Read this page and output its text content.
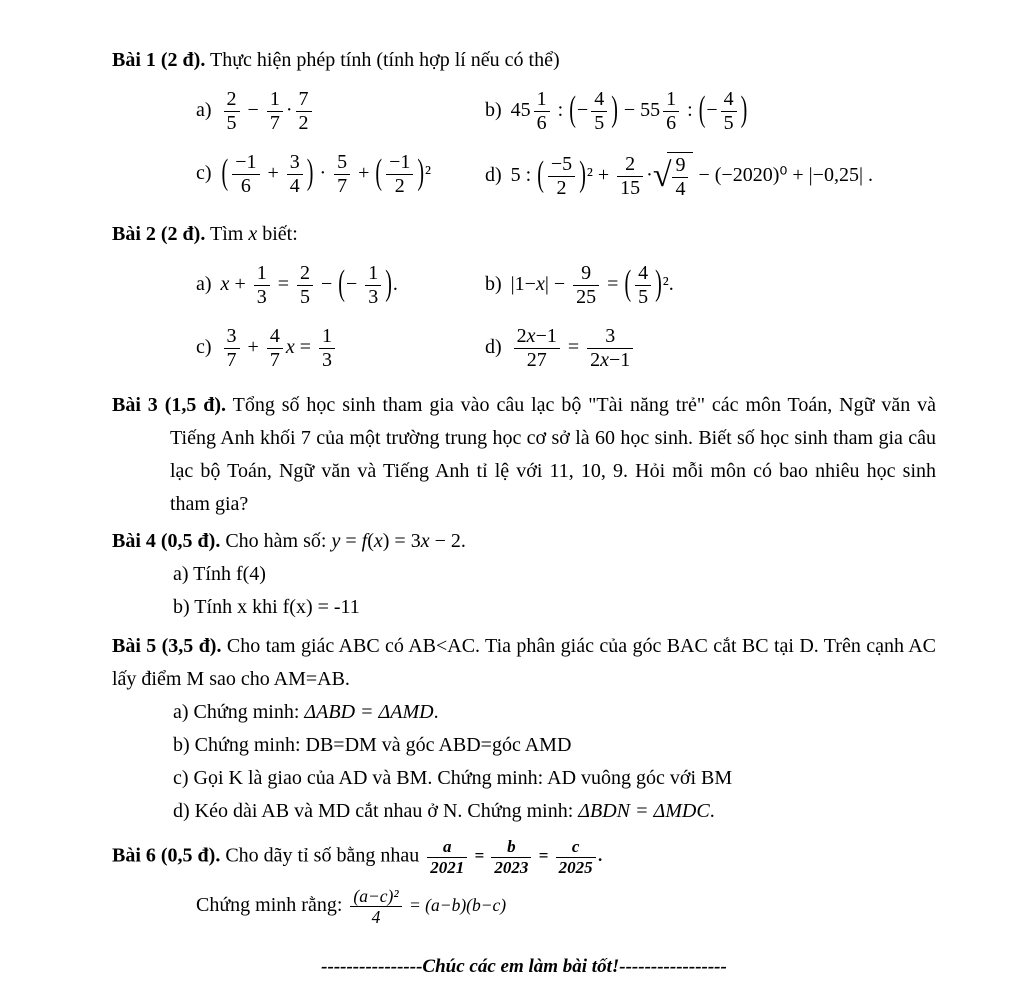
Bài 1 (2 đ). Thực hiện phép tính (tính hợp lí nếu có thể)

$a) \frac{2}{5} - \frac{1}{7} \cdot \frac{7}{2}$	b) $45 \frac{1}{6}$ : (− $\frac{4}{5}$ ) − $55 \frac{1}{6}$ : (− $\frac{4}{5}$ )
c) ( $\frac{-1}{6} + \frac{3}{4}$ ) · $\frac{5}{7}$ + ( $\frac{-1}{2} )^2$	d) 5 : ( $\frac{-5}{2} )^2 + \frac{2}{15}$ · √ $\frac{9}{4} - (-2020)^0 + |-0,25|$ .

Bài 2 (2 đ). Tìm x biết:

a) $x + \frac{1}{3} = \frac{2}{5}$ − (− $\frac{1}{3}$ ).	b) $|1-x| - \frac{9}{25}$ = ( $\frac{4}{5} )^2$.
$c) \frac{3}{7} + \frac{4}{7}$ $x = \frac{1}{3}$	$d) \frac{2x-1}{27} = \frac{3}{2x-1}$

Bài 3 (1,5 đ). Tổng số học sinh tham gia vào câu lạc bộ "Tài năng trẻ" các môn Toán, Ngữ văn và Tiếng Anh khối 7 của một trường trung học cơ sở là 60 học sinh. Biết số học sinh tham gia câu lạc bộ Toán, Ngữ văn và Tiếng Anh tỉ lệ với 11, 10, 9. Hỏi mỗi môn có bao nhiêu học sinh tham gia?

Bài 4 (0,5 đ). Cho hàm số: y = f(x) = 3x − 2.

a) Tính f(4)
b) Tính x khi f(x) = -11

Bài 5 (3,5 đ). Cho tam giác ABC có AB<AC. Tia phân giác của góc BAC cắt BC tại D. Trên cạnh AC lấy điểm M sao cho AM=AB.

a) Chứng minh: ΔABD = ΔAMD.
b) Chứng minh: DB=DM và góc ABD=góc AMD
c) Gọi K là giao của AD và BM. Chứng minh: AD vuông góc với BM
d) Kéo dài AB và MD cắt nhau ở N. Chứng minh: ΔBDN = ΔMDC.

Bài 6 (0,5 đ). Cho dãy tỉ số bằng nhau $\frac{a}{2021} = \frac{b}{2023} = \frac{c}{2025}$ .

Chứng minh rằng: $\frac{\text{(a−c)²}}{4} = (a-b)(b-c)$

----------------Chúc các em làm bài tốt!-----------------
